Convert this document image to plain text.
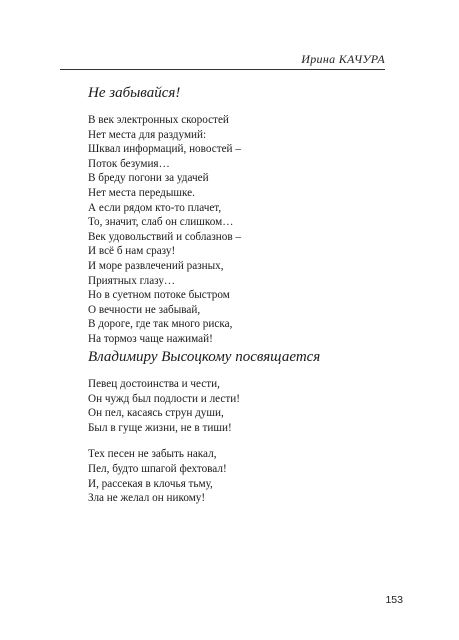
Ирина КАЧУРА
Не забывайся!
В век электронных скоростей
Нет места для раздумий:
Шквал информаций, новостей –
Поток безумия…
В бреду погони за удачей
Нет места передышке.
А если рядом кто-то плачет,
То, значит, слаб он слишком…
Век удовольствий и соблазнов –
И всё б нам сразу!
И море развлечений разных,
Приятных глазу…
Но в суетном потоке быстром
О вечности не забывай,
В дороге, где так много риска,
На тормоз чаще нажимай!
Владимиру Высоцкому посвящается
Певец достоинства и чести,
Он чужд был подлости и лести!
Он пел, касаясь струн души,
Был в гуще жизни, не в тиши!
Тех песен не забыть накал,
Пел, будто шпагой фехтовал!
И, рассекая в клочья тьму,
Зла не желал он никому!
153
